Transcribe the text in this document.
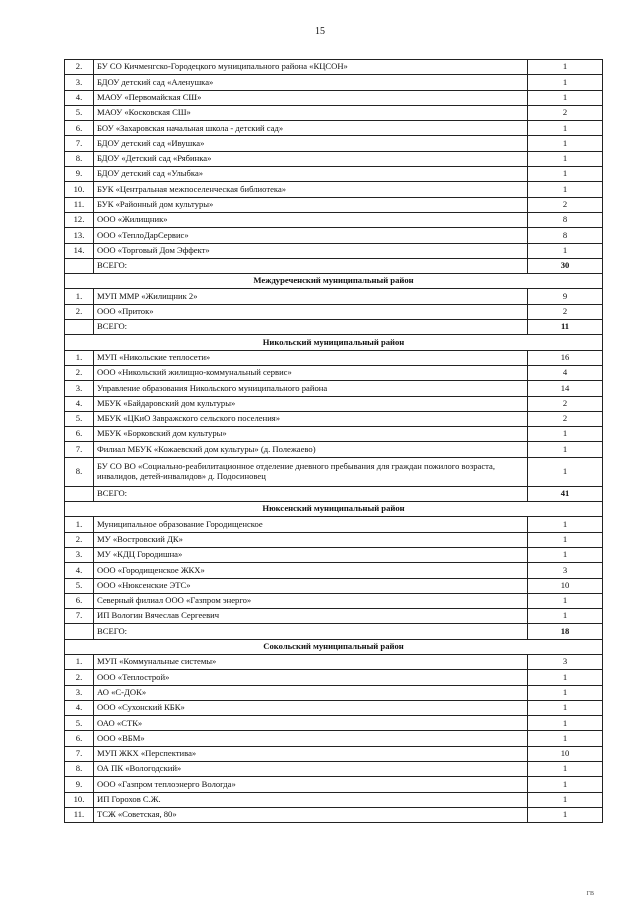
15
2.	БУ СО Кичменгско-Городецкого муниципального района «КЦСОН»	1
3.	БДОУ детский сад «Аленушка»	1
4.	МАОУ «Первомайская СШ»	1
5.	МАОУ «Косковская СШ»	2
6.	БОУ «Захаровская начальная школа - детский сад»	1
7.	БДОУ детский сад «Ивушка»	1
8.	БДОУ «Детский сад «Рябинка»	1
9.	БДОУ детский сад «Улыбка»	1
10.	БУК «Центральная межпоселенческая библиотека»	1
11.	БУК «Районный дом культуры»	2
12.	ООО «Жилищник»	8
13.	ООО «ТеплоДарСервис»	8
14.	ООО «Торговый Дом Эффект»	1
	ВСЕГО:	30
Междуреченский муниципальный район		
1.	МУП ММР «Жилищник 2»	9
2.	ООО «Приток»	2
	ВСЕГО:	11
Никольский муниципальный район		
1.	МУП «Никольские теплосети»	16
2.	ООО «Никольский жилищно-коммунальный сервис»	4
3.	Управление образования Никольского муниципального района	14
4.	МБУК «Байдаровский дом культуры»	2
5.	МБУК «ЦКиО Завражского сельского поселения»	2
6.	МБУК «Борковский дом культуры»	1
7.	Филиал МБУК «Кожаевский дом культуры» (д. Полежаево)	1
8.	БУ СО ВО «Социально-реабилитационное отделение дневного пребывания для граждан пожилого возраста, инвалидов, детей-инвалидов» д. Подосиновец	1
	ВСЕГО:	41
Нюксенский муниципальный район		
1.	Муниципальное образование Городищенское	1
2.	МУ «Востровский ДК»	1
3.	МУ «КДЦ Городишна»	1
4.	ООО «Городищенское ЖКХ»	3
5.	ООО «Нюксенские ЭТС»	10
6.	Северный филиал ООО «Газпром энерго»	1
7.	ИП Вологин Вячеслав Сергеевич	1
	ВСЕГО:	18
Сокольский муниципальный район		
1.	МУП «Коммунальные системы»	3
2.	ООО «Теплострой»	1
3.	АО «С-ДОК»	1
4.	ООО «Сухонский КБК»	1
5.	ОАО «СТК»	1
6.	ООО «ВБМ»	1
7.	МУП ЖКХ «Перспектива»	10
8.	ОА ПК «Вологодский»	1
9.	ООО «Газпром теплоэнерго Вологда»	1
10.	ИП Горохов С.Ж.	1
11.	ТСЖ «Советская, 80»	1
ГВ
